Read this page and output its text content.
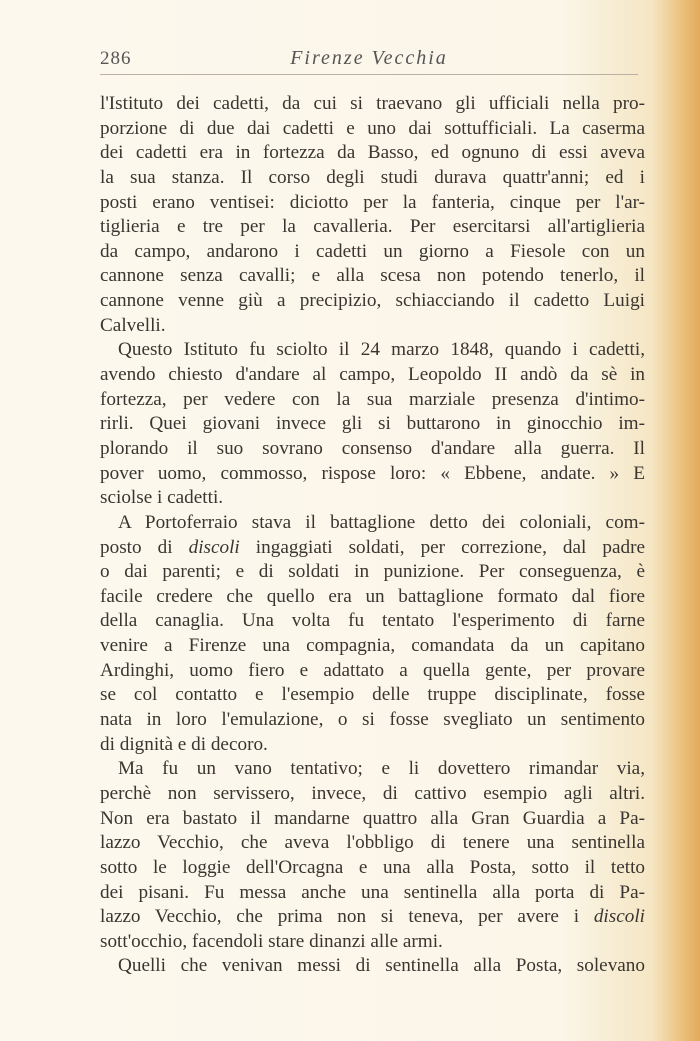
286	Firenze Vecchia
l'Istituto dei cadetti, da cui si traevano gli ufficiali nella pro-
porzione di due dai cadetti e uno dai sottufficiali. La caserma
dei cadetti era in fortezza da Basso, ed ognuno di essi aveva
la sua stanza. Il corso degli studi durava quattr'anni; ed i
posti erano ventisei: diciotto per la fanteria, cinque per l'ar-
tiglieria e tre per la cavalleria. Per esercitarsi all'artiglieria
da campo, andarono i cadetti un giorno a Fiesole con un
cannone senza cavalli; e alla scesa non potendo tenerlo, il
cannone venne giù a precipizio, schiacciando il cadetto Luigi
Calvelli.
Questo Istituto fu sciolto il 24 marzo 1848, quando i cadetti,
avendo chiesto d'andare al campo, Leopoldo II andò da sè in
fortezza, per vedere con la sua marziale presenza d'intimo-
rirli. Quei giovani invece gli si buttarono in ginocchio im-
plorando il suo sovrano consenso d'andare alla guerra. Il
pover uomo, commosso, rispose loro: « Ebbene, andate. » E
sciolse i cadetti.
A Portoferraio stava il battaglione detto dei coloniali, com-
posto di discoli ingaggiati soldati, per correzione, dal padre
o dai parenti; e di soldati in punizione. Per conseguenza, è
facile credere che quello era un battaglione formato dal fiore
della canaglia. Una volta fu tentato l'esperimento di farne
venire a Firenze una compagnia, comandata da un capitano
Ardinghi, uomo fiero e adattato a quella gente, per provare
se col contatto e l'esempio delle truppe disciplinate, fosse
nata in loro l'emulazione, o si fosse svegliato un sentimento
di dignità e di decoro.
Ma fu un vano tentativo; e li dovettero rimandar via,
perchè non servissero, invece, di cattivo esempio agli altri.
Non era bastato il mandarne quattro alla Gran Guardia a Pa-
lazzo Vecchio, che aveva l'obbligo di tenere una sentinella
sotto le loggie dell'Orcagna e una alla Posta, sotto il tetto
dei pisani. Fu messa anche una sentinella alla porta di Pa-
lazzo Vecchio, che prima non si teneva, per avere i discoli
sott'occhio, facendoli stare dinanzi alle armi.
Quelli che venivan messi di sentinella alla Posta, solevano
